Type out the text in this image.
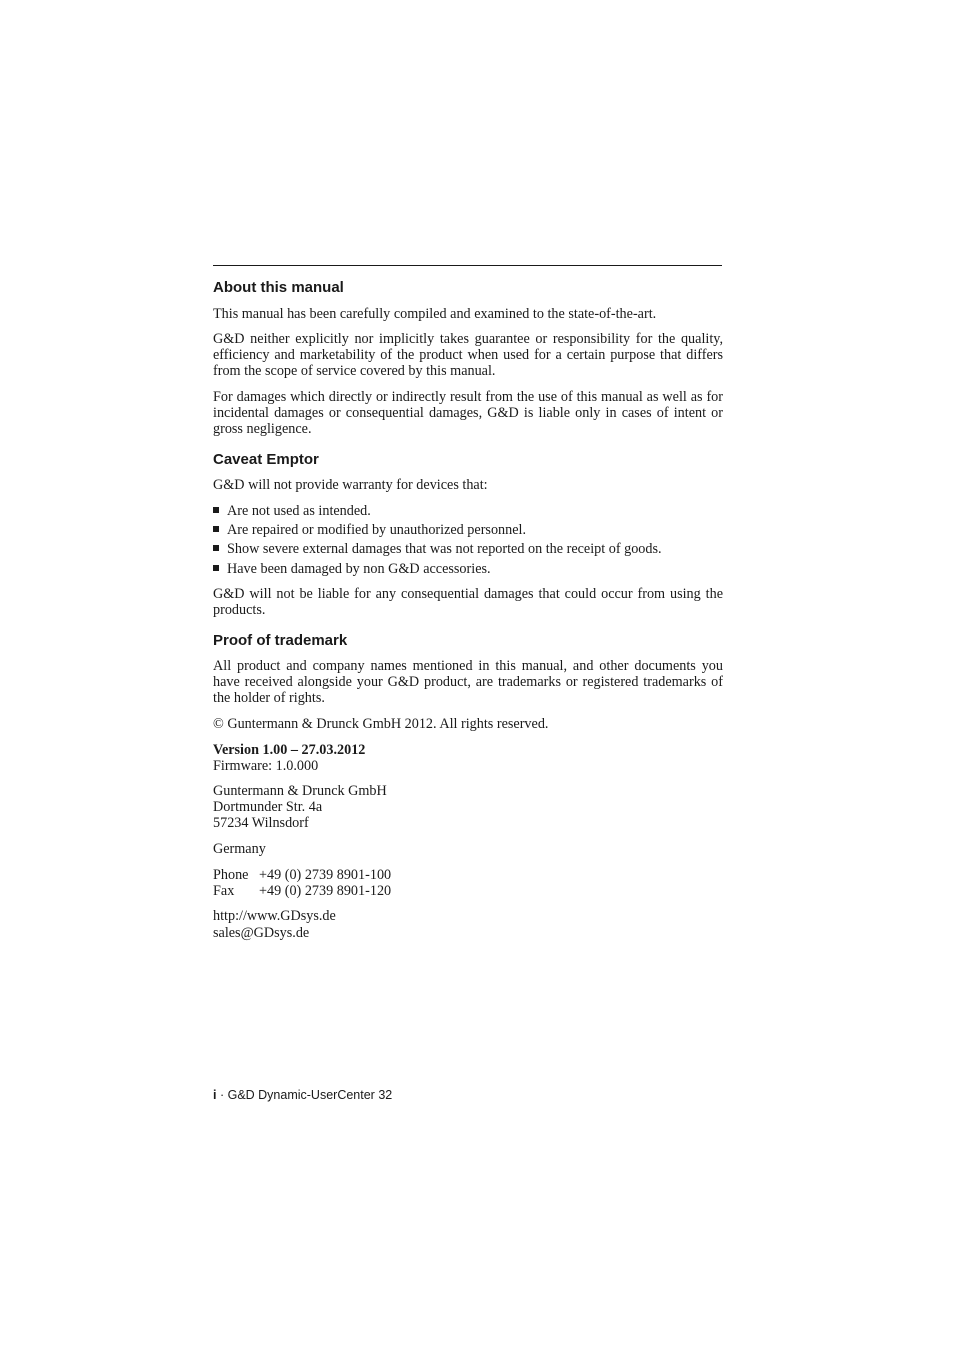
About this manual

This manual has been carefully compiled and examined to the state-of-the-art.

G&D neither explicitly nor implicitly takes guarantee or responsibility for the quality, efficiency and marketability of the product when used for a certain purpose that differs from the scope of service covered by this manual.

For damages which directly or indirectly result from the use of this manual as well as for incidental damages or consequential damages, G&D is liable only in cases of intent or gross negligence.

Caveat Emptor

G&D will not provide warranty for devices that:
Are not used as intended.
Are repaired or modified by unauthorized personnel.
Show severe external damages that was not reported on the receipt of goods.
Have been damaged by non G&D accessories.

G&D will not be liable for any consequential damages that could occur from using the products.

Proof of trademark

All product and company names mentioned in this manual, and other documents you have received alongside your G&D product, are trademarks or registered trademarks of the holder of rights.

© Guntermann & Drunck GmbH 2012. All rights reserved.
Version 1.00 – 27.03.2012
Firmware: 1.0.000
Guntermann & Drunck GmbH
Dortmunder Str. 4a
57234 Wilnsdorf
Germany
Phone +49 (0) 2739 8901-100
Fax +49 (0) 2739 8901-120
http://www.GDsys.de
sales@GDsys.de
i · G&D Dynamic-UserCenter 32
